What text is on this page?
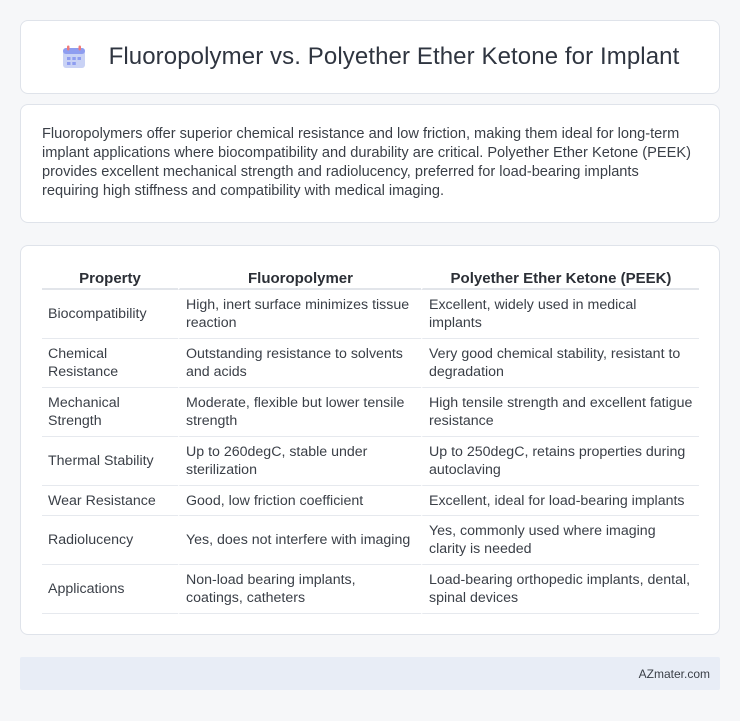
Fluoropolymer vs. Polyether Ether Ketone for Implant

Fluoropolymers offer superior chemical resistance and low friction, making them ideal for long-term implant applications where biocompatibility and durability are critical. Polyether Ether Ketone (PEEK) provides excellent mechanical strength and radiolucency, preferred for load-bearing implants requiring high stiffness and compatibility with medical imaging.

Property	Fluoropolymer	Polyether Ether Ketone (PEEK)
Biocompatibility	High, inert surface minimizes tissue reaction	Excellent, widely used in medical implants
Chemical Resistance	Outstanding resistance to solvents and acids	Very good chemical stability, resistant to degradation
Mechanical Strength	Moderate, flexible but lower tensile strength	High tensile strength and excellent fatigue resistance
Thermal Stability	Up to 260degC, stable under sterilization	Up to 250degC, retains properties during autoclaving
Wear Resistance	Good, low friction coefficient	Excellent, ideal for load-bearing implants
Radiolucency	Yes, does not interfere with imaging	Yes, commonly used where imaging clarity is needed
Applications	Non-load bearing implants, coatings, catheters	Load-bearing orthopedic implants, dental, spinal devices
AZmater.com
